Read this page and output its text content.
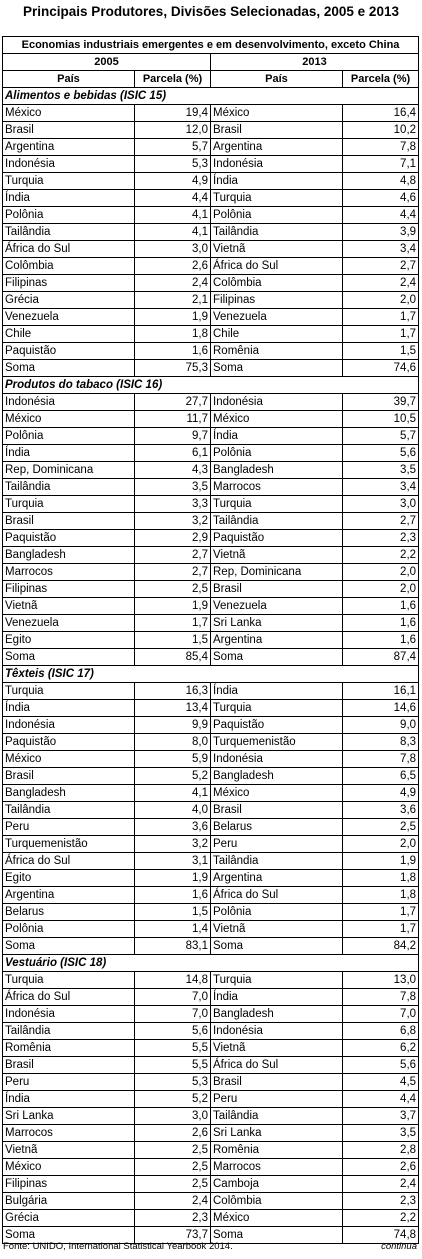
Principais Produtores, Divisões Selecionadas, 2005 e 2013
Economias industriais emergentes e em desenvolvimento, exceto China			
2005		2013	
País	Parcela (%)	País	Parcela (%)
Alimentos e bebidas (ISIC 15)			
México	19,4	México	16,4
Brasil	12,0	Brasil	10,2
Argentina	5,7	Argentina	7,8
Indonésia	5,3	Indonésia	7,1
Turquia	4,9	Índia	4,8
Índia	4,4	Turquia	4,6
Polônia	4,1	Polônia	4,4
Tailândia	4,1	Tailândia	3,9
África do Sul	3,0	Vietnã	3,4
Colômbia	2,6	África do Sul	2,7
Filipinas	2,4	Colômbia	2,4
Grécia	2,1	Filipinas	2,0
Venezuela	1,9	Venezuela	1,7
Chile	1,8	Chile	1,7
Paquistão	1,6	Romênia	1,5
Soma	75,3	Soma	74,6
Produtos do tabaco (ISIC 16)			
Indonésia	27,7	Indonésia	39,7
México	11,7	México	10,5
Polônia	9,7	Índia	5,7
Índia	6,1	Polônia	5,6
Rep, Dominicana	4,3	Bangladesh	3,5
Tailândia	3,5	Marrocos	3,4
Turquia	3,3	Turquia	3,0
Brasil	3,2	Tailândia	2,7
Paquistão	2,9	Paquistão	2,3
Bangladesh	2,7	Vietnã	2,2
Marrocos	2,7	Rep, Dominicana	2,0
Filipinas	2,5	Brasil	2,0
Vietnã	1,9	Venezuela	1,6
Venezuela	1,7	Sri Lanka	1,6
Egito	1,5	Argentina	1,6
Soma	85,4	Soma	87,4
Têxteis (ISIC 17)			
Turquia	16,3	Índia	16,1
Índia	13,4	Turquia	14,6
Indonésia	9,9	Paquistão	9,0
Paquistão	8,0	Turquemenistão	8,3
México	5,9	Indonésia	7,8
Brasil	5,2	Bangladesh	6,5
Bangladesh	4,1	México	4,9
Tailândia	4,0	Brasil	3,6
Peru	3,6	Belarus	2,5
Turquemenistão	3,2	Peru	2,0
África do Sul	3,1	Tailândia	1,9
Egito	1,9	Argentina	1,8
Argentina	1,6	África do Sul	1,8
Belarus	1,5	Polônia	1,7
Polônia	1,4	Vietnã	1,7
Soma	83,1	Soma	84,2
Vestuário (ISIC 18)			
Turquia	14,8	Turquia	13,0
África do Sul	7,0	Índia	7,8
Indonésia	7,0	Bangladesh	7,0
Tailândia	5,6	Indonésia	6,8
Romênia	5,5	Vietnã	6,2
Brasil	5,5	África do Sul	5,6
Peru	5,3	Brasil	4,5
Índia	5,2	Peru	4,4
Sri Lanka	3,0	Tailândia	3,7
Marrocos	2,6	Sri Lanka	3,5
Vietnã	2,5	Romênia	2,8
México	2,5	Marrocos	2,6
Filipinas	2,5	Camboja	2,4
Bulgária	2,4	Colômbia	2,3
Grécia	2,3	México	2,2
Soma	73,7	Soma	74,8
Fonte: UNIDO, International Statistical Yearbook 2014.	continua
